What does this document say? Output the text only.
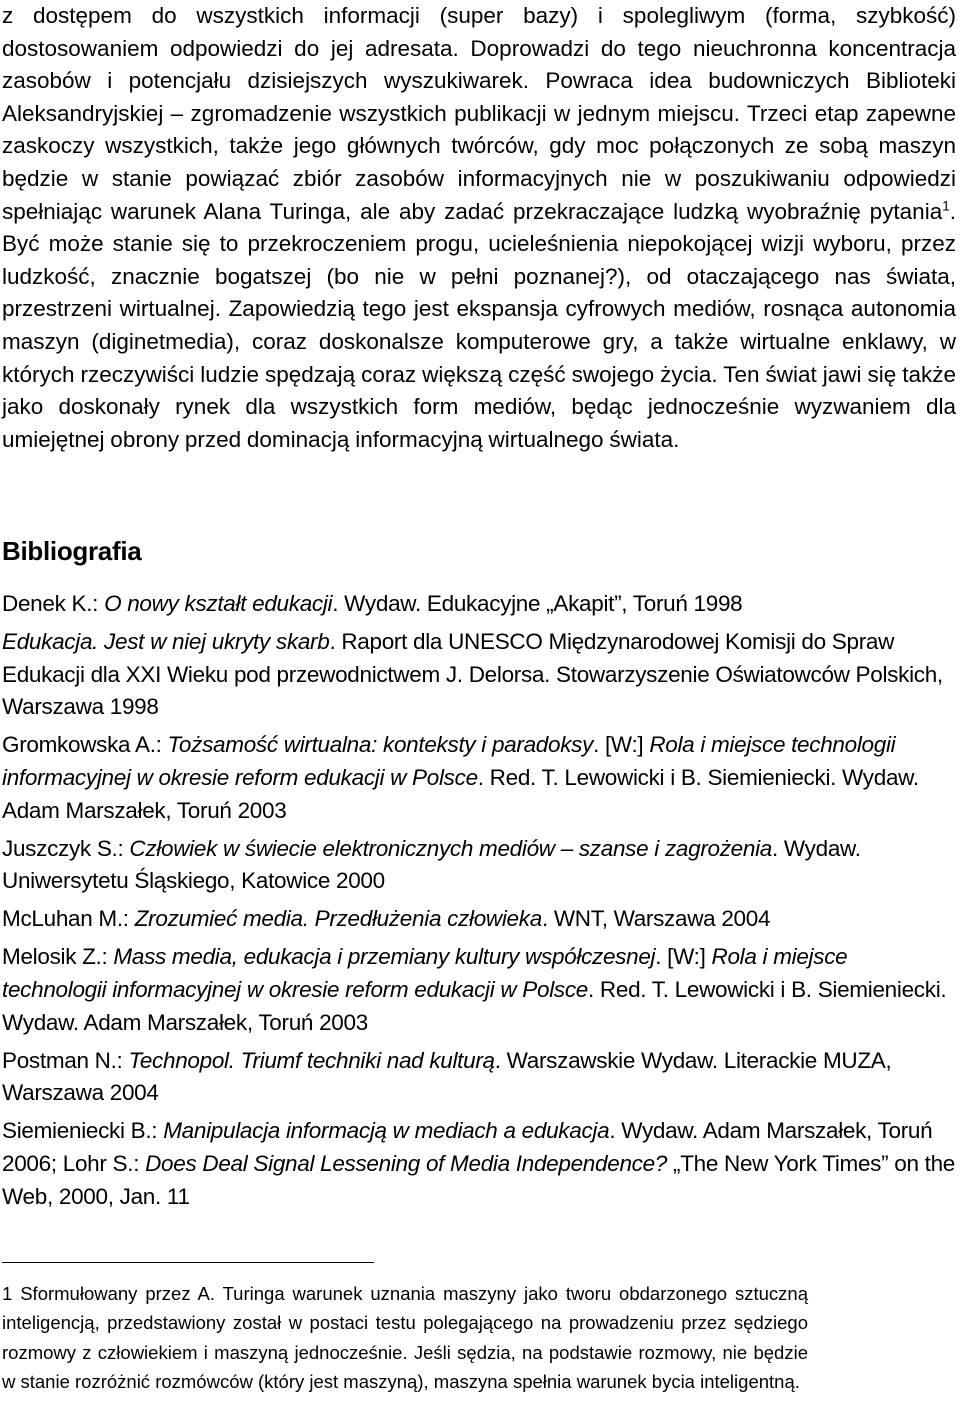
z dostępem do wszystkich informacji (super bazy) i spolegliwym (forma, szybkość) dostosowaniem odpowiedzi do jej adresata. Doprowadzi do tego nieuchronna koncentracja zasobów i potencjału dzisiejszych wyszukiwarek. Powraca idea budowniczych Biblioteki Aleksandryjskiej – zgromadzenie wszystkich publikacji w jednym miejscu. Trzeci etap zapewne zaskoczy wszystkich, także jego głównych twórców, gdy moc połączonych ze sobą maszyn będzie w stanie powiązać zbiór zasobów informacyjnych nie w poszukiwaniu odpowiedzi spełniając warunek Alana Turinga, ale aby zadać przekraczające ludzką wyobraźnię pytania$^1$. Być może stanie się to przekroczeniem progu, ucieleśnienia niepokojącej wizji wyboru, przez ludzkość, znacznie bogatszej (bo nie w pełni poznanej?), od otaczającego nas świata, przestrzeni wirtualnej. Zapowiedzią tego jest ekspansja cyfrowych mediów, rosnąca autonomia maszyn (diginetmedia), coraz doskonalsze komputerowe gry, a także wirtualne enklawy, w których rzeczywiści ludzie spędzają coraz większą część swojego życia. Ten świat jawi się także jako doskonały rynek dla wszystkich form mediów, będąc jednocześnie wyzwaniem dla umiejętnej obrony przed dominacją informacyjną wirtualnego świata.

Bibliografia

Denek K.: O nowy kształt edukacji. Wydaw. Edukacyjne „Akapit”, Toruń 1998

Edukacja. Jest w niej ukryty skarb. Raport dla UNESCO Międzynarodowej Komisji do Spraw Edukacji dla XXI Wieku pod przewodnictwem J. Delorsa. Stowarzyszenie Oświatowców Polskich, Warszawa 1998

Gromkowska A.: Tożsamość wirtualna: konteksty i paradoksy. [W:] Rola i miejsce technologii informacyjnej w okresie reform edukacji w Polsce. Red. T. Lewowicki i B. Siemieniecki. Wydaw. Adam Marszałek, Toruń 2003

Juszczyk S.: Człowiek w świecie elektronicznych mediów – szanse i zagrożenia. Wydaw. Uniwersytetu Śląskiego, Katowice 2000

McLuhan M.: Zrozumieć media. Przedłużenia człowieka. WNT, Warszawa 2004

Melosik Z.: Mass media, edukacja i przemiany kultury współczesnej. [W:] Rola i miejsce technologii informacyjnej w okresie reform edukacji w Polsce. Red. T. Lewowicki i B. Siemieniecki. Wydaw. Adam Marszałek, Toruń 2003

Postman N.: Technopol. Triumf techniki nad kulturą. Warszawskie Wydaw. Literackie MUZA, Warszawa 2004

Siemieniecki B.: Manipulacja informacją w mediach a edukacja. Wydaw. Adam Marszałek, Toruń 2006; Lohr S.: Does Deal Signal Lessening of Media Independence? „The New York Times” on the Web, 2000, Jan. 11

1 Sformułowany przez A. Turinga warunek uznania maszyny jako tworu obdarzonego sztuczną inteligencją, przedstawiony został w postaci testu polegającego na prowadzeniu przez sędziego rozmowy z człowiekiem i maszyną jednocześnie. Jeśli sędzia, na podstawie rozmowy, nie będzie w stanie rozróżnić rozmówców (który jest maszyną), maszyna spełnia warunek bycia inteligentną.
